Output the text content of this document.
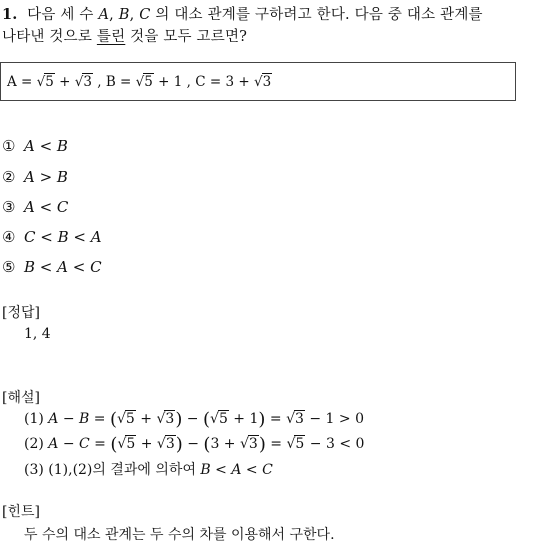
1. 다음 세 수 A, B, C 의 대소 관계를 구하려고 한다. 다음 중 대소 관계를
나타낸 것으로 틀린 것을 모두 고르면?
A = √5 + √3 , B = √5 + 1 , C = 3 + √3
① A < B
② A > B
③ A < C
④ C < B < A
⑤ B < A < C
[정답]
1, 4
[해설]
(1) A − B = (√5 + √3) − (√5 + 1) = √3 − 1 > 0
(2) A − C = (√5 + √3) − (3 + √3) = √5 − 3 < 0
(3) (1),(2)의 결과에 의하여 B < A < C
[힌트]
두 수의 대소 관계는 두 수의 차를 이용해서 구한다.
